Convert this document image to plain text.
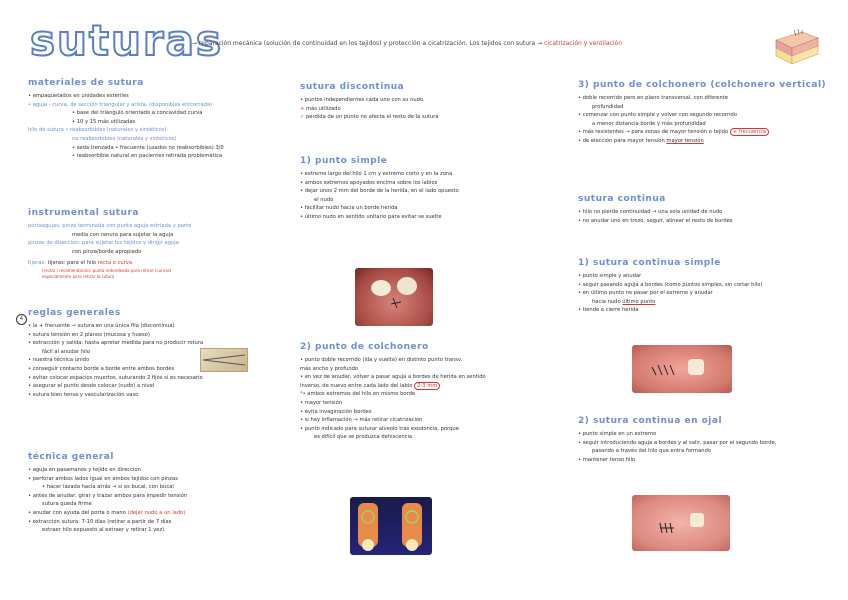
suturas
→ reparación mecánica (solución de continuidad en los tejidos) y protección a cicatrización. Los tejidos con sutura → cicatrización y ventilación
materiales de sutura
• empaquetados en unidades estériles
• aguja - curva, de sección triangular y arista. (disponibles en/cerrada)
• base del triángulo orientado a concavidad curva
• 10 y 15 más utilizadas
hilo de sutura • reabsorbibles (naturales y sintéticos)
no reabsorbibles (naturales y sintéticos)
• seda trenzada • frecuente (usados no reabsorbibles) 3/0
• reabsorbible natural en pacientes retirada problemática
instrumental sutura
portaagujas: pinza terminada con punta aguja estriada y parte
media con ranura para sujetar la aguja
pinzas de disección: para sujetar los tejidos y dirigir aguja
con pinza/borde apropiado
tijeras: tijeras: para el hilo recta o curva
(recta) / recomendación: punta redondeada para retirar (curvas)
especialmente para retirar la sutura
4
reglas generales
• la + frecuente → sutura en una única fila (discontínua)
• sutura tensión en 2 planos (mucosa y hueso)
• extracción y salida: hasta apretar medida para no producir rotura
fácil al anudar hilo
• nuestra técnica unido
• conseguir contacto borde a borde entre ambos bordes
• evitar colocar espacios muertos, suturando 2 fijos si es necesario
• asegurar el punto desde colocar (nudo) a nivel
• sutura bien tensa y vascularización vaso
técnica general
• aguja en pasamanos y tejido en dirección
• perforar ambos lados igual en ambos tejidos con pinzas
• hacer lazada hacia atrás → si es bucal, con bucal
• antes de anudar, girar y trazar ambos para impedir tensión
sutura queda firme
• anudar con ayuda del porta o mano (dejar nudo a un lado)
• extracción sutura: 7-10 días (retirar a partir de 7 días
extraer hilo expuesto al extraer y retirar 1 vez)
sutura discontinua
• puntos independientes cada uno con su nudo.
+ más utilizado
✓ pérdida de un punto no afecta el resto de la sutura
1) punto simple
• extremo largo del hilo 1 cm y extremo corto y en la zona
• ambos extremos apoyados encima sobre los labios
• dejar unos 2 mm del borde de la herida, en el lado opuesto
el nudo
• facilitar nudo hacia un borde herida
• último nudo en sentido unitario para evitar se suelte
2) punto de colchonero
• punto doble recorrido (ida y vuelta) en distinto punto transv.
más ancho y profundo
• en vez de anudar, volver a pasar aguja a bordes de herida en sentido
inverso, de nuevo entre cada lado del labio 2-3 mm
*• ambos extremos del hilo en mismo borde
• mayor tensión
• evita invaginación bordes
• si hay inflamación → más retirar cicatrización
• punto indicado para suturar alveolo tras exodoncia, porque
es difícil que se produzca dehiscencia
3) punto de colchonero (colchonero vertical)
• doble recorrido pero en plano transversal, con diferente
profundidad
• comenzar con punto simple y volver con segundo recorrido
a menor distancia borde y más profundidad
• más resistentes → para zonas de mayor tensión o tejido + frecuencia
• de elección para mayor tensión mayor tensión
sutura continua
• hilo no pierde continuidad → una sola unidad de nudo
• no anudar uno en trozo, seguir, alinear el resto de bordes
1) sutura continua simple
• punto simple y anudar
• seguir pasando aguja a bordes (como puntos simples, sin cortar hilo)
• en último punto no pasar por el extremo y anudar
hacia nudo último punto
• tiende a cierre herida
2) sutura continua en ojal
• punto simple en un extremo
• seguir introduciendo aguja a bordes y al salir, pasar por el segundo borde,
pasando a través del hilo que entra formando
• mantener tenso hilo
